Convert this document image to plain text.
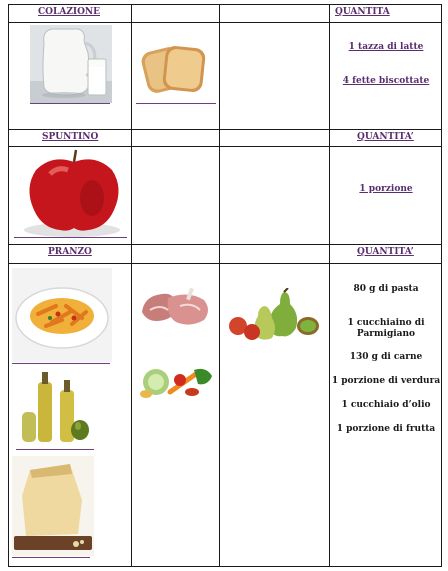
COLAZIONE	QUANTITA
1 tazza di latte
4 fette biscottate
SPUNTINO	QUANTITA’
1 porzione
PRANZO	QUANTITA’
80 g di pasta
1 cucchiaino di Parmigiano
130 g di carne
1 porzione di verdura
1 cucchiaio d’olio
1 porzione di frutta
